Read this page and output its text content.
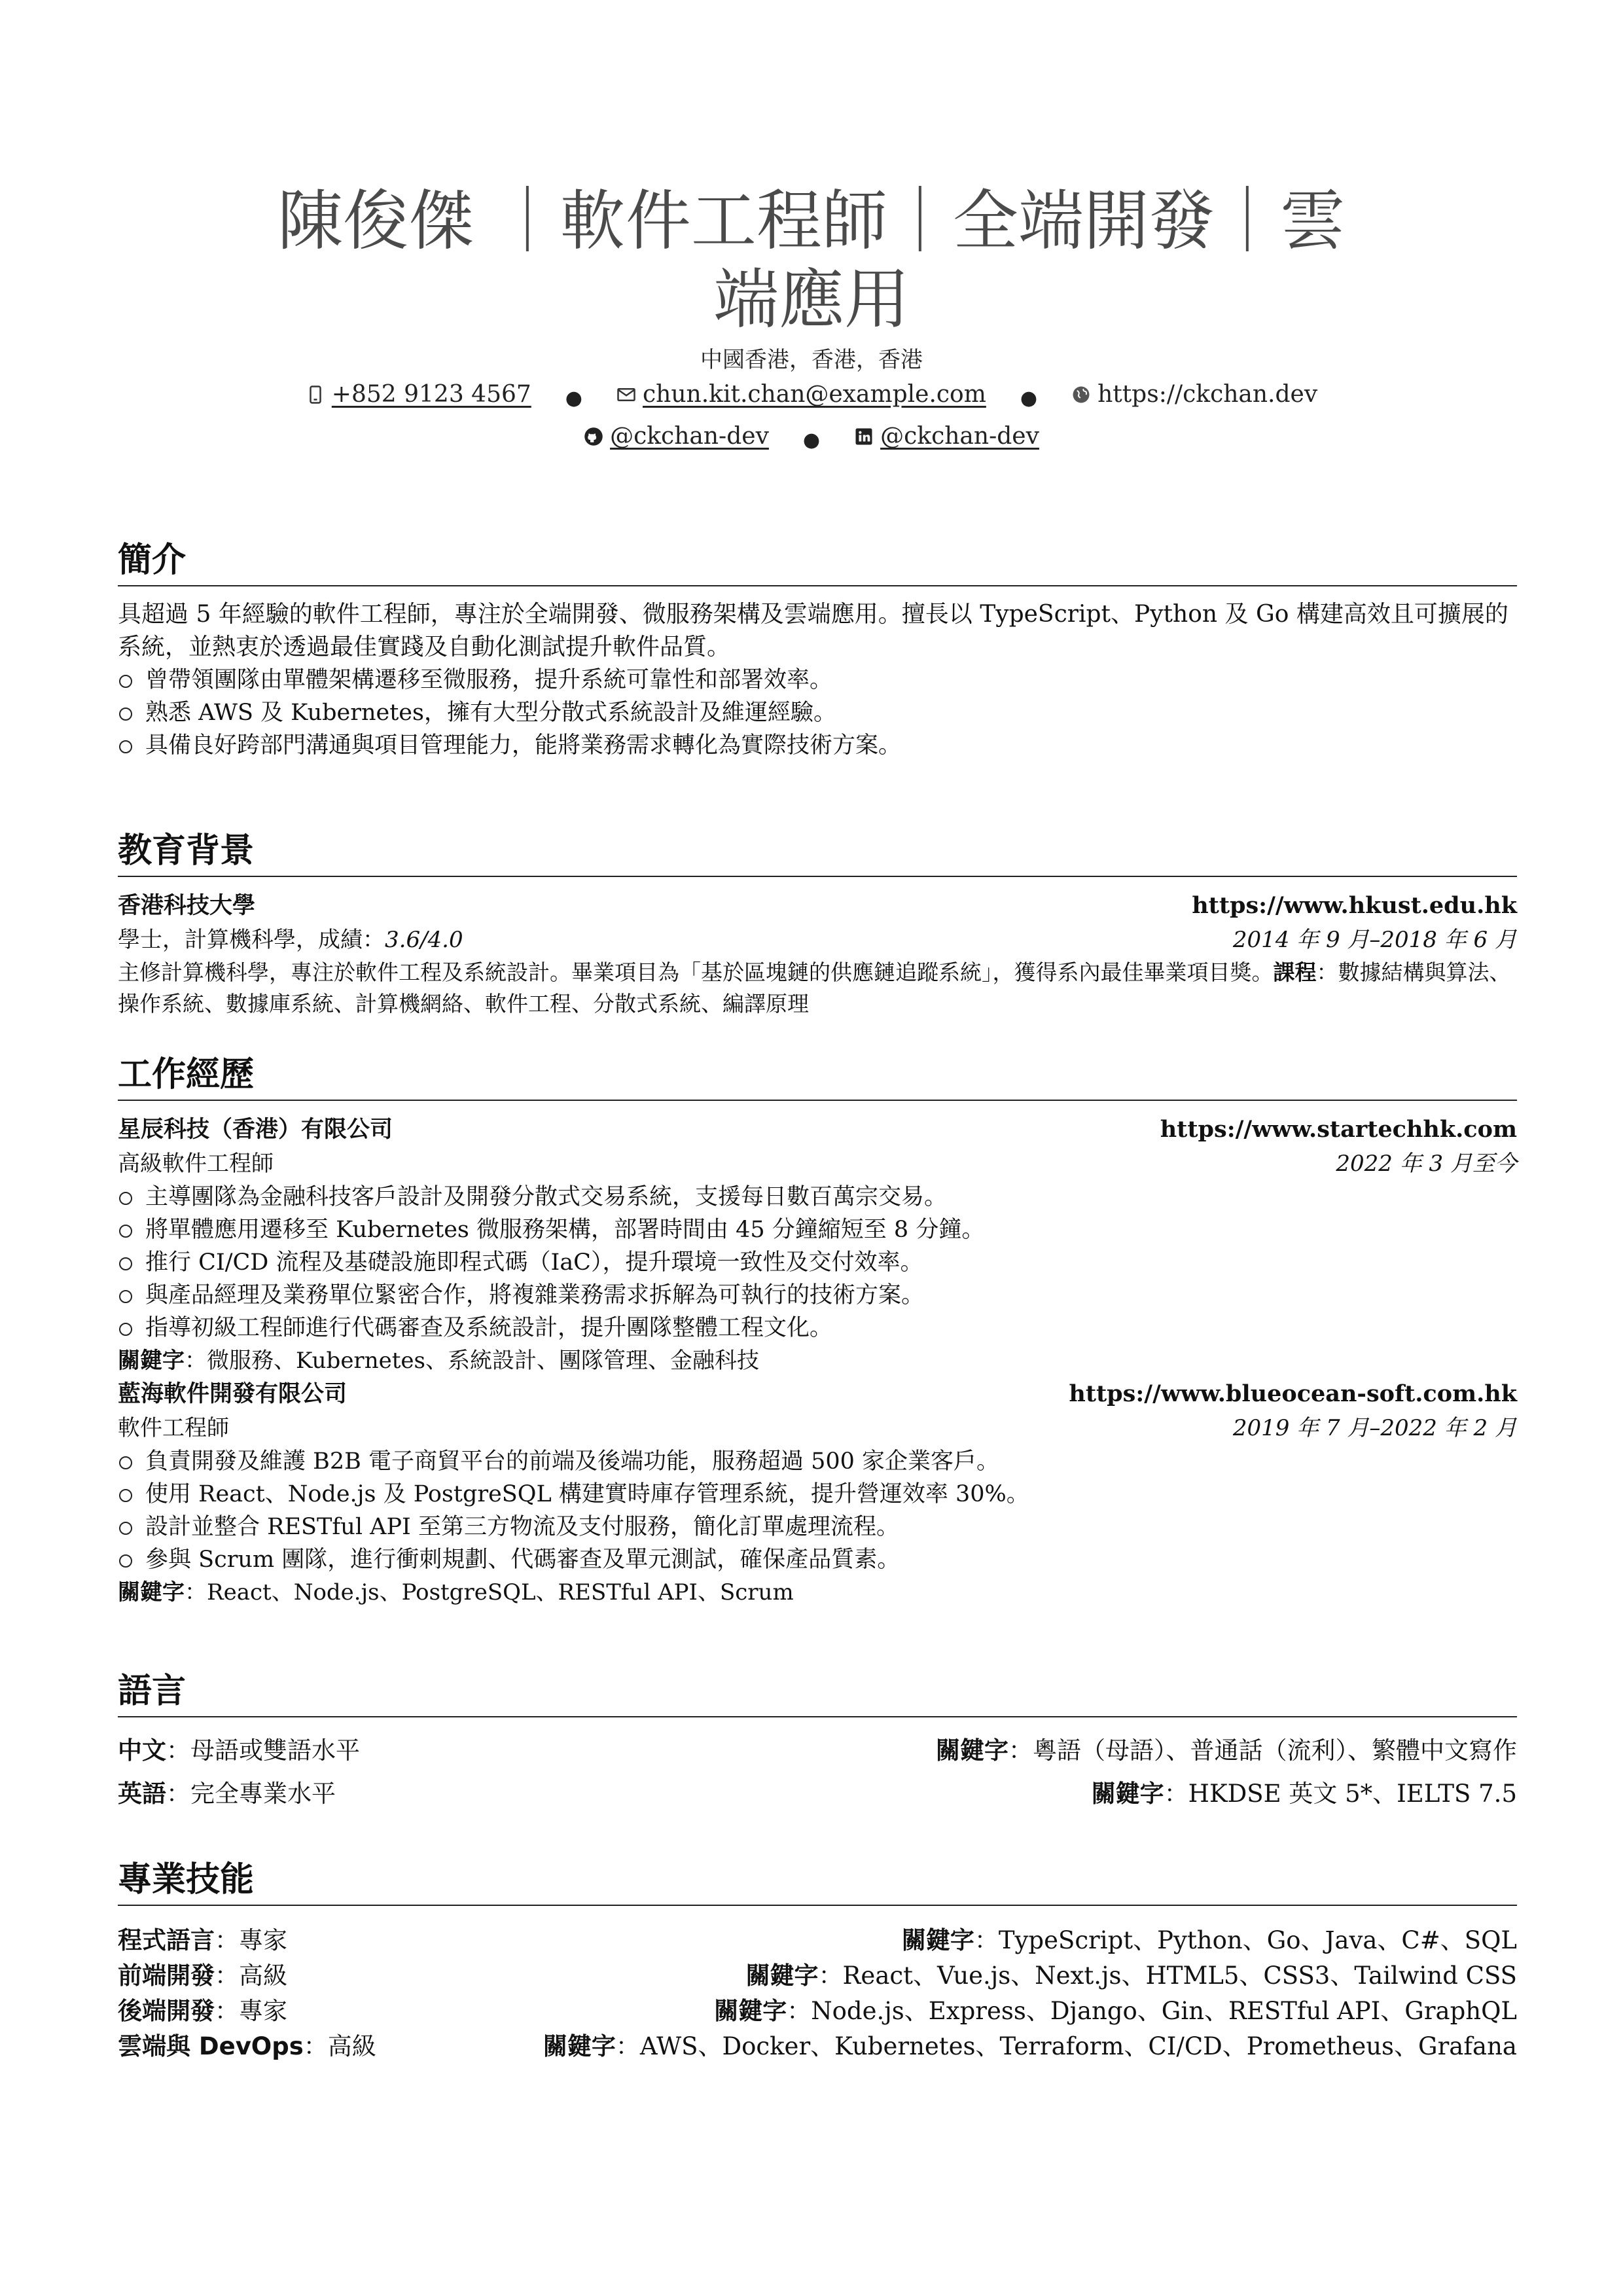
陳俊傑 ｜軟件工程師｜全端開發｜雲端應用
中國香港，香港，香港
+852 9123 4567 ●	chun.kit.chan@example.com ●	https://ckchan.dev
@ckchan-dev ●	@ckchan-dev
簡介
具超過 5 年經驗的軟件工程師，專注於全端開發、微服務架構及雲端應用。擅長以 TypeScript、Python 及 Go 構建高效且可擴展的系統，並熱衷於透過最佳實踐及自動化測試提升軟件品質。
曾帶領團隊由單體架構遷移至微服務，提升系統可靠性和部署效率。
熟悉 AWS 及 Kubernetes，擁有大型分散式系統設計及維運經驗。
具備良好跨部門溝通與項目管理能力，能將業務需求轉化為實際技術方案。
教育背景
香港科技大學	https://www.hkust.edu.hk
學士，計算機科學，成績：3.6/4.0	2014 年 9 月–2018 年 6 月
主修計算機科學，專注於軟件工程及系統設計。畢業項目為「基於區塊鏈的供應鏈追蹤系統」，獲得系內最佳畢業項目獎。課程：數據結構與算法、操作系統、數據庫系統、計算機網絡、軟件工程、分散式系統、編譯原理
工作經歷
星辰科技（香港）有限公司	https://www.startechhk.com
高級軟件工程師	2022 年 3 月至今
主導團隊為金融科技客戶設計及開發分散式交易系統，支援每日數百萬宗交易。
將單體應用遷移至 Kubernetes 微服務架構，部署時間由 45 分鐘縮短至 8 分鐘。
推行 CI/CD 流程及基礎設施即程式碼（IaC），提升環境一致性及交付效率。
與產品經理及業務單位緊密合作，將複雜業務需求拆解為可執行的技術方案。
指導初級工程師進行代碼審查及系統設計，提升團隊整體工程文化。
關鍵字：微服務、Kubernetes、系統設計、團隊管理、金融科技
藍海軟件開發有限公司	https://www.blueocean-soft.com.hk
軟件工程師	2019 年 7 月–2022 年 2 月
負責開發及維護 B2B 電子商貿平台的前端及後端功能，服務超過 500 家企業客戶。
使用 React、Node.js 及 PostgreSQL 構建實時庫存管理系統，提升營運效率 30%。
設計並整合 RESTful API 至第三方物流及支付服務，簡化訂單處理流程。
參與 Scrum 團隊，進行衝刺規劃、代碼審查及單元測試，確保產品質素。
關鍵字：React、Node.js、PostgreSQL、RESTful API、Scrum
語言
中文：母語或雙語水平	關鍵字：粵語（母語）、普通話（流利）、繁體中文寫作
英語：完全專業水平	關鍵字：HKDSE 英文 5*、IELTS 7.5
專業技能
程式語言：專家	關鍵字：TypeScript、Python、Go、Java、C#、SQL
前端開發：高級	關鍵字：React、Vue.js、Next.js、HTML5、CSS3、Tailwind CSS
後端開發：專家	關鍵字：Node.js、Express、Django、Gin、RESTful API、GraphQL
雲端與 DevOps：高級	關鍵字：AWS、Docker、Kubernetes、Terraform、CI/CD、Prometheus、Grafana
